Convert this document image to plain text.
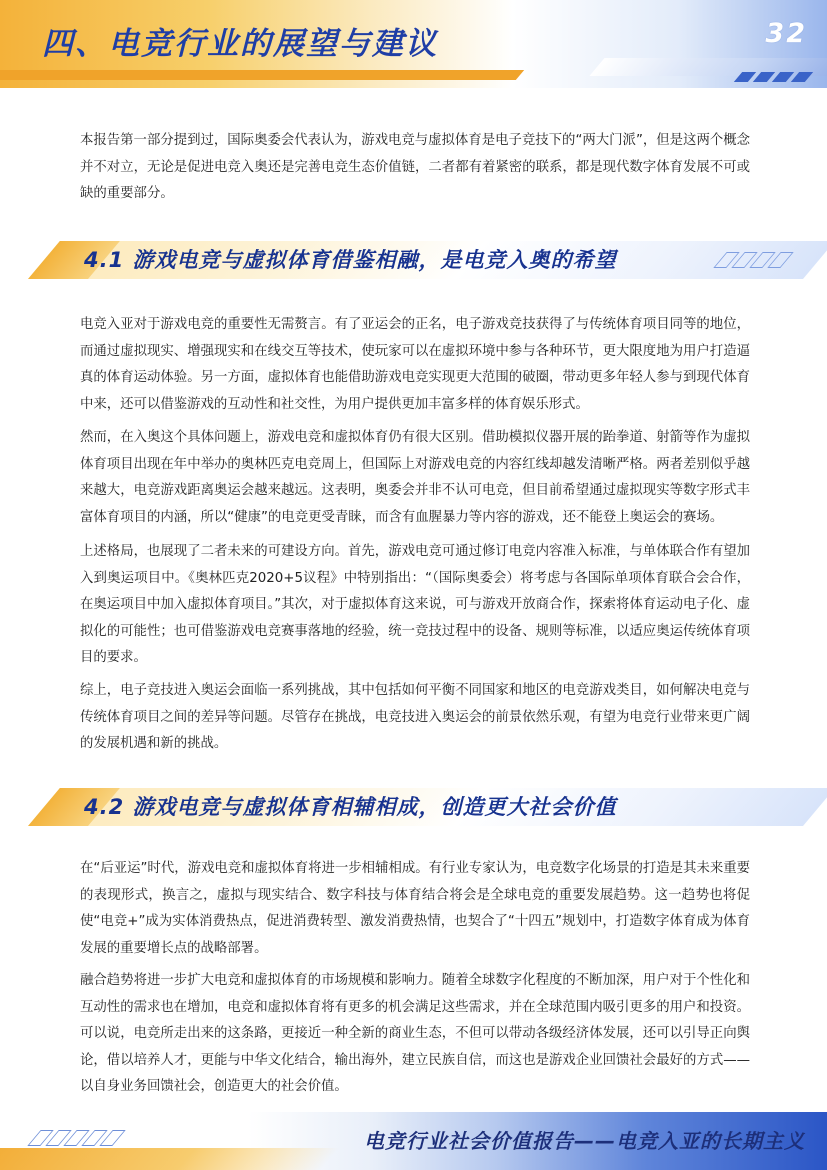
四、电竞行业的展望与建议	32

本报告第一部分提到过，国际奥委会代表认为，游戏电竞与虚拟体育是电子竞技下的“两大门派”，但是这两个概念并不对立，无论是促进电竞入奥还是完善电竞生态价值链，二者都有着紧密的联系，都是现代数字体育发展不可或缺的重要部分。

4.1 游戏电竞与虚拟体育借鉴相融，是电竞入奥的希望

电竞入亚对于游戏电竞的重要性无需赘言。有了亚运会的正名，电子游戏竞技获得了与传统体育项目同等的地位，而通过虚拟现实、增强现实和在线交互等技术，使玩家可以在虚拟环境中参与各种环节，更大限度地为用户打造逼真的体育运动体验。另一方面，虚拟体育也能借助游戏电竞实现更大范围的破圈，带动更多年轻人参与到现代体育中来，还可以借鉴游戏的互动性和社交性，为用户提供更加丰富多样的体育娱乐形式。

然而，在入奥这个具体问题上，游戏电竞和虚拟体育仍有很大区别。借助模拟仪器开展的跆拳道、射箭等作为虚拟体育项目出现在年中举办的奥林匹克电竞周上，但国际上对游戏电竞的内容红线却越发清晰严格。两者差别似乎越来越大，电竞游戏距离奥运会越来越远。这表明，奥委会并非不认可电竞，但目前希望通过虚拟现实等数字形式丰富体育项目的内涵，所以“健康”的电竞更受青睐，而含有血腥暴力等内容的游戏，还不能登上奥运会的赛场。

上述格局，也展现了二者未来的可建设方向。首先，游戏电竞可通过修订电竞内容准入标准，与单体联合作有望加入到奥运项目中。《奥林匹克2020+5议程》中特别指出：“（国际奥委会）将考虑与各国际单项体育联合会合作，在奥运项目中加入虚拟体育项目。”其次，对于虚拟体育这来说，可与游戏开放商合作，探索将体育运动电子化、虚拟化的可能性；也可借鉴游戏电竞赛事落地的经验，统一竞技过程中的设备、规则等标准，以适应奥运传统体育项目的要求。

综上，电子竞技进入奥运会面临一系列挑战，其中包括如何平衡不同国家和地区的电竞游戏类目，如何解决电竞与传统体育项目之间的差异等问题。尽管存在挑战，电竞技进入奥运会的前景依然乐观，有望为电竞行业带来更广阔的发展机遇和新的挑战。

4.2 游戏电竞与虚拟体育相辅相成，创造更大社会价值

在“后亚运”时代，游戏电竞和虚拟体育将进一步相辅相成。有行业专家认为，电竞数字化场景的打造是其未来重要的表现形式，换言之，虚拟与现实结合、数字科技与体育结合将会是全球电竞的重要发展趋势。这一趋势也将促使“电竞+”成为实体消费热点，促进消费转型、激发消费热情，也契合了“十四五”规划中，打造数字体育成为体育发展的重要增长点的战略部署。

融合趋势将进一步扩大电竞和虚拟体育的市场规模和影响力。随着全球数字化程度的不断加深，用户对于个性化和互动性的需求也在增加，电竞和虚拟体育将有更多的机会满足这些需求，并在全球范围内吸引更多的用户和投资。可以说，电竞所走出来的这条路，更接近一种全新的商业生态，不但可以带动各级经济体发展，还可以引导正向舆论，借以培养人才，更能与中华文化结合，输出海外，建立民族自信，而这也是游戏企业回馈社会最好的方式——以自身业务回馈社会，创造更大的社会价值。

电竞行业社会价值报告——电竞入亚的长期主义
